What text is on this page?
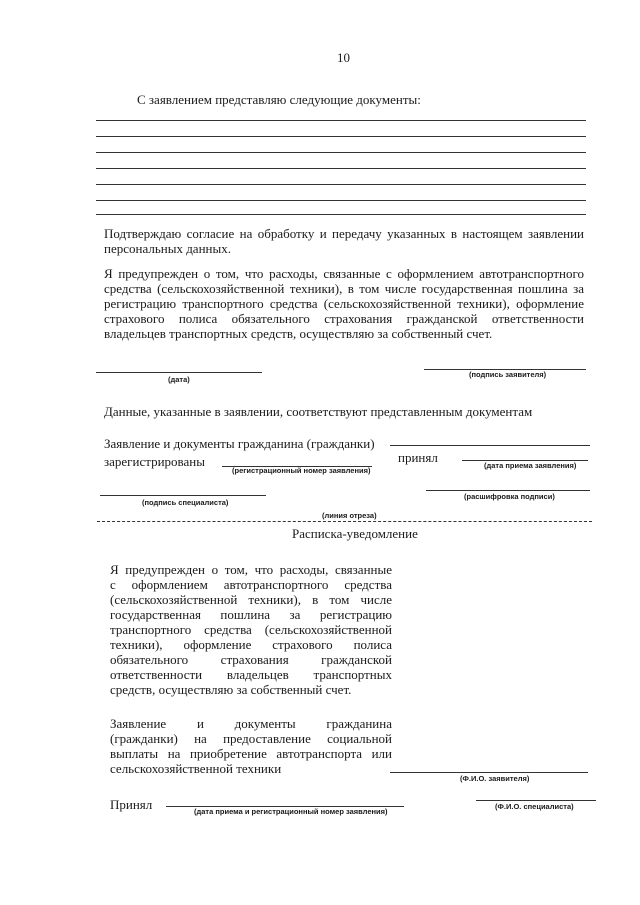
10
С заявлением представляю следующие документы:
Подтверждаю согласие на обработку и передачу указанных в настоящем заявлении персональных данных.
Я предупрежден о том, что расходы, связанные с оформлением автотранспортного
средства (сельскохозяйственной техники), в том числе государственная пошлина за
регистрацию транспортного средства (сельскохозяйственной техники), оформление
страхового полиса обязательного страхования гражданской ответственности
владельцев транспортных средств, осуществляю за собственный счет.
(дата)
(подпись заявителя)
Данные, указанные в заявлении, соответствуют представленным документам
Заявление и документы гражданина (гражданки)
зарегистрированы
(регистрационный номер заявления)
принял
(дата приема заявления)
(подпись специалиста)
(расшифровка подписи)
(линия отреза)
Расписка-уведомление
Я предупрежден о том, что расходы, связанные
с оформлением автотранспортного средства
(сельскохозяйственной техники), в том числе
государственная пошлина за регистрацию
транспортного средства (сельскохозяйственной
техники), оформление страхового полиса
обязательного страхования гражданской
ответственности владельцев транспортных
средств, осуществляю за собственный счет.
Заявление и документы гражданина
(гражданки) на предоставление социальной
выплаты на приобретение автотранспорта или
сельскохозяйственной техники
(Ф.И.О. заявителя)
Принял	(дата приема и регистрационный номер заявления)
(Ф.И.О. специалиста)
